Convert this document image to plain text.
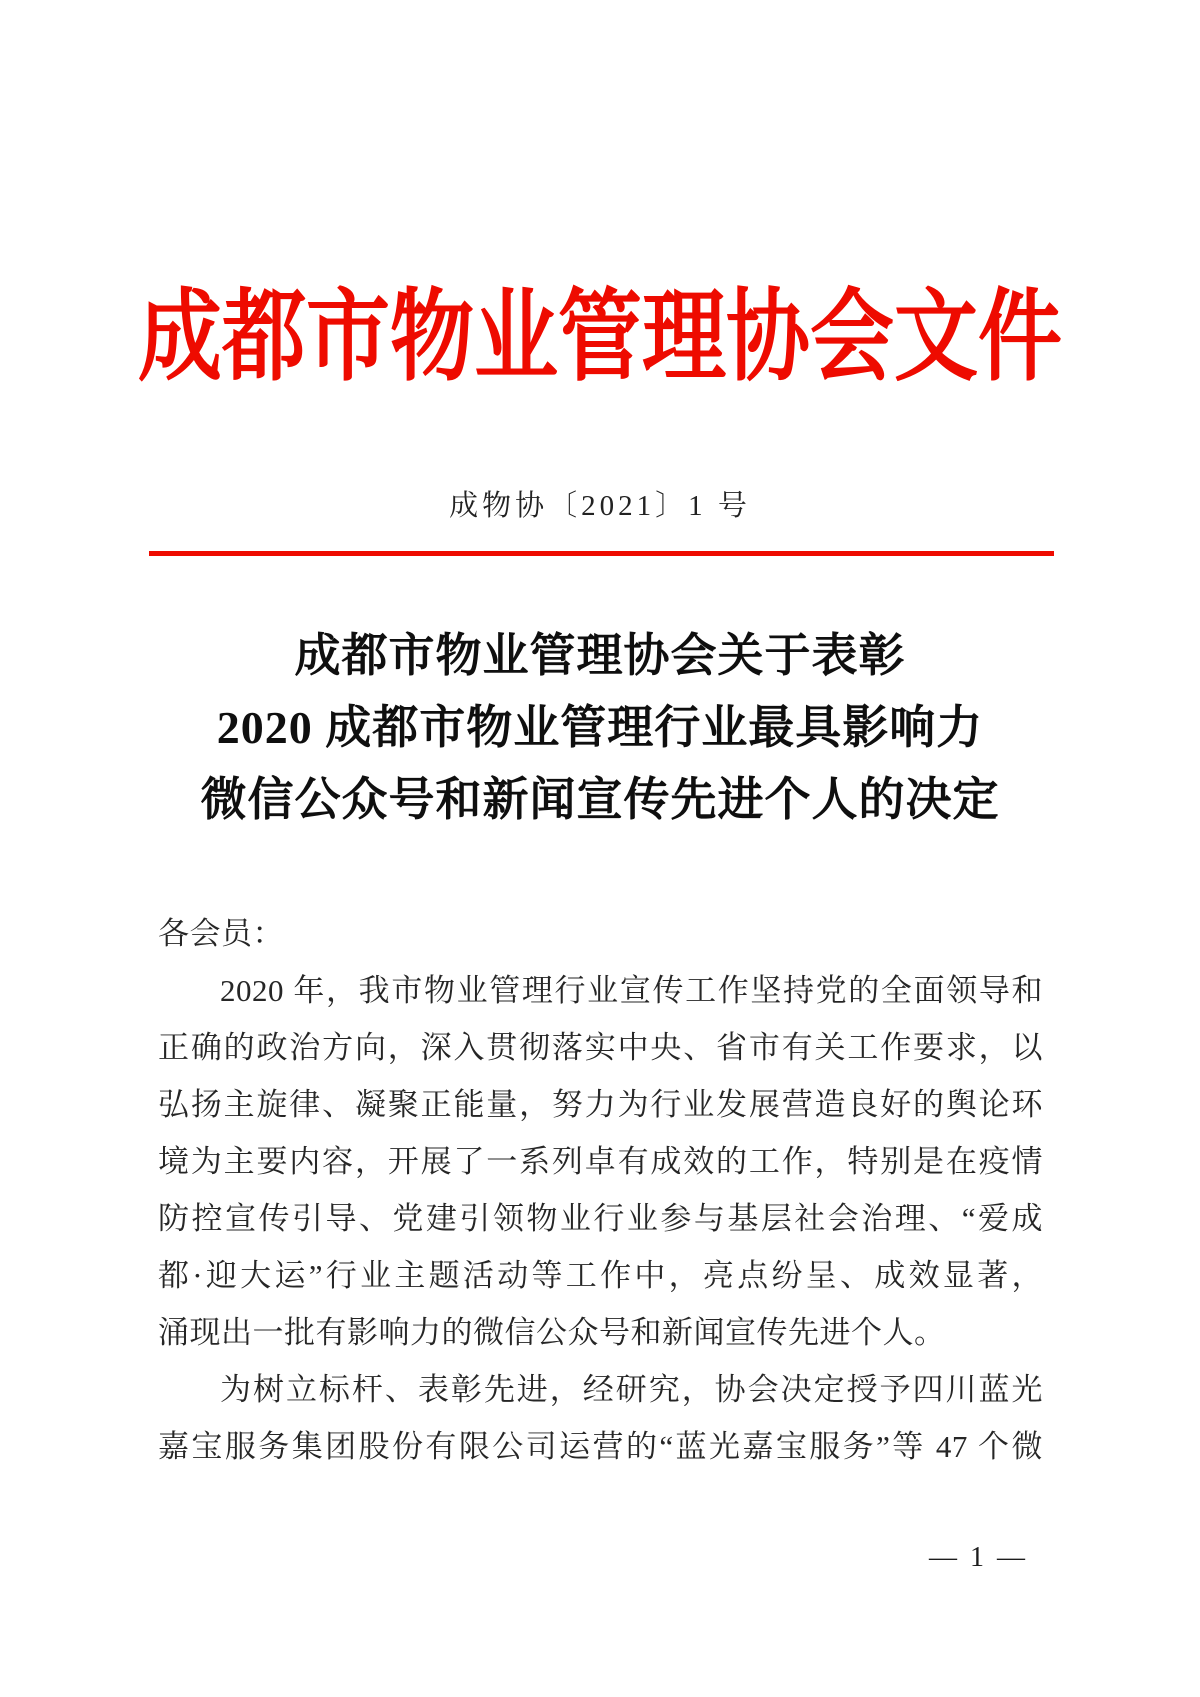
成都市物业管理协会文件
成物协〔2021〕1 号
成都市物业管理协会关于表彰
2020 成都市物业管理行业最具影响力
微信公众号和新闻宣传先进个人的决定
各会员：
2020 年，我市物业管理行业宣传工作坚持党的全面领导和
正确的政治方向，深入贯彻落实中央、省市有关工作要求，以
弘扬主旋律、凝聚正能量，努力为行业发展营造良好的舆论环
境为主要内容，开展了一系列卓有成效的工作，特别是在疫情
防控宣传引导、党建引领物业行业参与基层社会治理、“爱成
都·迎大运”行业主题活动等工作中，亮点纷呈、成效显著，
涌现出一批有影响力的微信公众号和新闻宣传先进个人。
为树立标杆、表彰先进，经研究，协会决定授予四川蓝光
嘉宝服务集团股份有限公司运营的“蓝光嘉宝服务”等 47 个微
— 1 —
